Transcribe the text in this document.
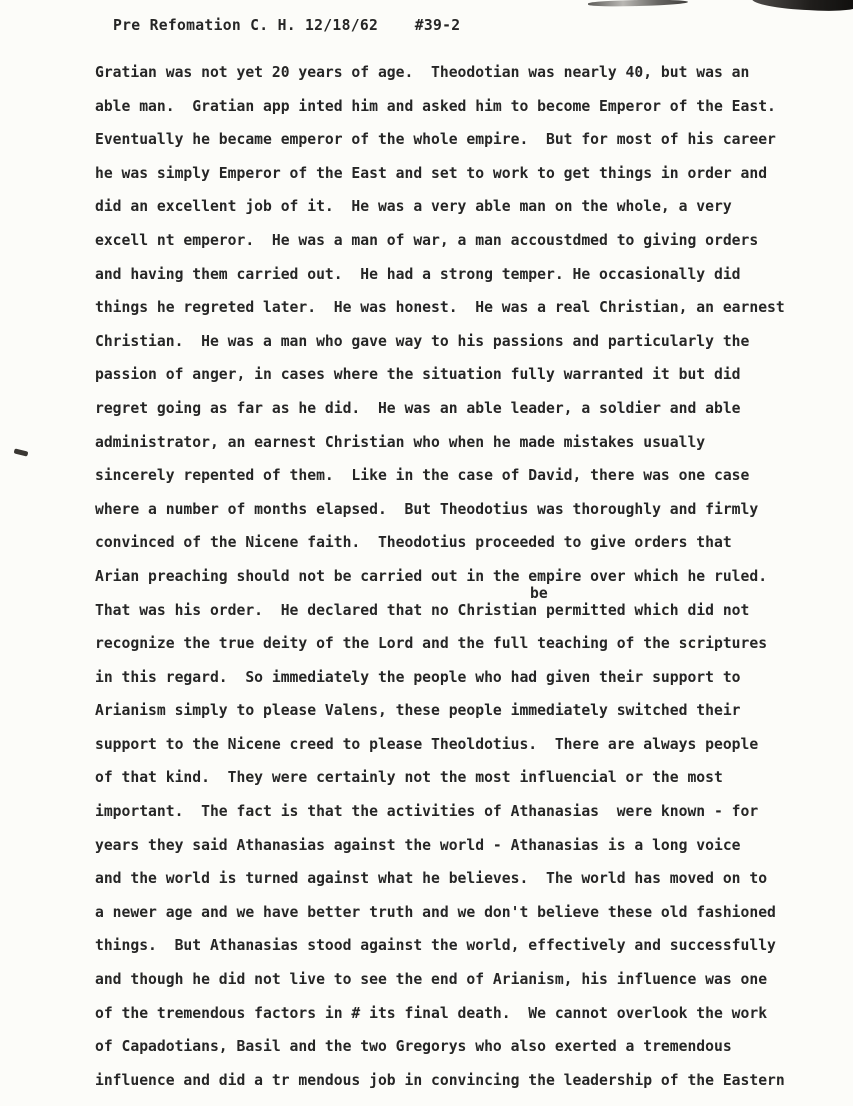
Pre Refomation C. H. 12/18/62    #39-2
Gratian was not yet 20 years of age.  Theodotian was nearly 40, but was an
able man.  Gratian app inted him and asked him to become Emperor of the East.
Eventually he became emperor of the whole empire.  But for most of his career
he was simply Emperor of the East and set to work to get things in order and
did an excellent job of it.  He was a very able man on the whole, a very
excell nt emperor.  He was a man of war, a man accoustdmed to giving orders
and having them carried out.  He had a strong temper. He occasionally did
things he regreted later.  He was honest.  He was a real Christian, an earnest
Christian.  He was a man who gave way to his passions and particularly the
passion of anger, in cases where the situation fully warranted it but did
regret going as far as he did.  He was an able leader, a soldier and able
administrator, an earnest Christian who when he made mistakes usually
sincerely repented of them.  Like in the case of David, there was one case
where a number of months elapsed.  But Theodotius was thoroughly and firmly
convinced of the Nicene faith.  Theodotius proceeded to give orders that
Arian preaching should not be carried out in the empire over which he ruled.
That was his order.  He declared that no Christian permitted which did not
recognize the true deity of the Lord and the full teaching of the scriptures
in this regard.  So immediately the people who had given their support to
Arianism simply to please Valens, these people immediately switched their
support to the Nicene creed to please Theoldotius.  There are always people
of that kind.  They were certainly not the most influencial or the most
important.  The fact is that the activities of Athanasias  were known - for
years they said Athanasias against the world - Athanasias is a long voice
and the world is turned against what he believes.  The world has moved on to
a newer age and we have better truth and we don't believe these old fashioned
things.  But Athanasias stood against the world, effectively and successfully
and though he did not live to see the end of Arianism, his influence was one
of the tremendous factors in # its final death.  We cannot overlook the work
of Capadotians, Basil and the two Gregorys who also exerted a tremendous
influence and did a tr mendous job in convincing the leadership of the Eastern
be
